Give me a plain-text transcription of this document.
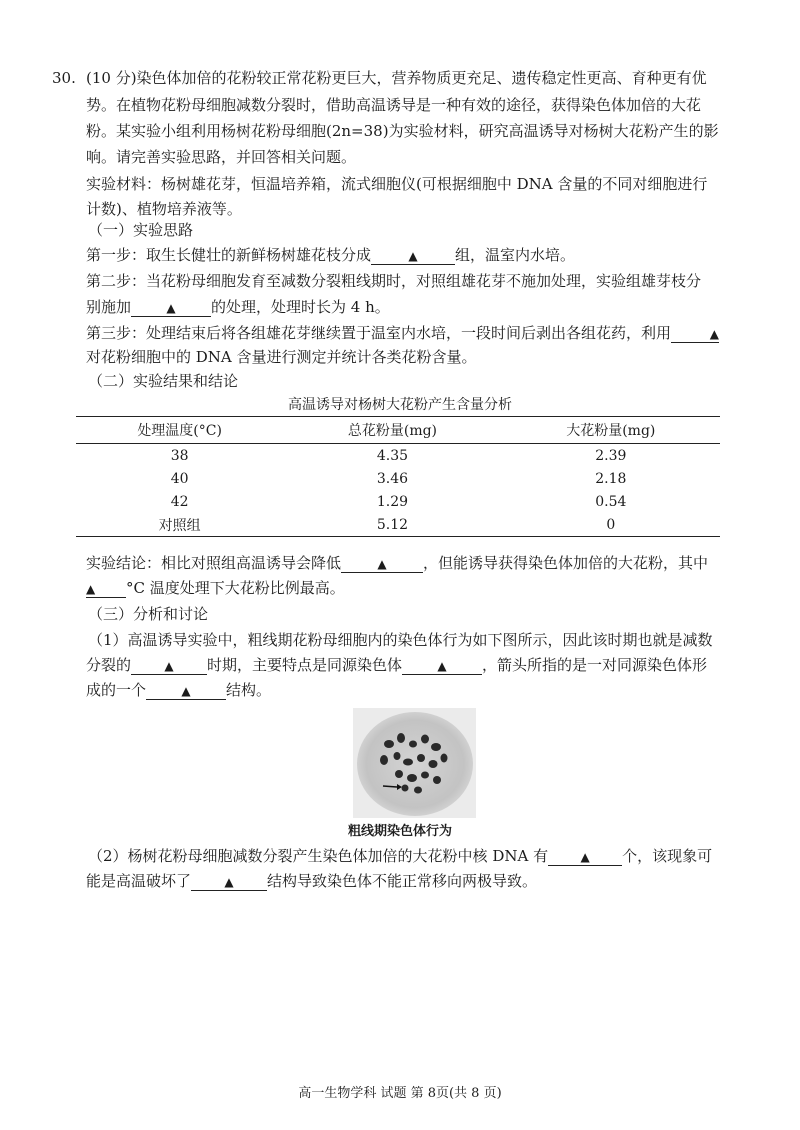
30. (10 分)染色体加倍的花粉较正常花粉更巨大，营养物质更充足、遗传稳定性更高、育种更有优
势。在植物花粉母细胞减数分裂时，借助高温诱导是一种有效的途径，获得染色体加倍的大花
粉。某实验小组利用杨树花粉母细胞(2n=38)为实验材料，研究高温诱导对杨树大花粉产生的影
响。请完善实验思路，并回答相关问题。
实验材料：杨树雄花芽，恒温培养箱，流式细胞仪(可根据细胞中 DNA 含量的不同对细胞进行
计数)、植物培养液等。
（一）实验思路
第一步：取生长健壮的新鲜杨树雄花枝分成	▲ 组，温室内水培。
第二步：当花粉母细胞发育至减数分裂粗线期时，对照组雄花芽不施加处理，实验组雄芽枝分
别施加	▲ 的处理，处理时长为 4 h。
第三步：处理结束后将各组雄花芽继续置于温室内水培，一段时间后剥出各组花药，利用	▲
对花粉细胞中的 DNA 含量进行测定并统计各类花粉含量。
（二）实验结果和结论
高温诱导对杨树大花粉产生含量分析
处理温度(°C)	总花粉量(mg)	大花粉量(mg)
38	4.35	2.39
40	3.46	2.18
42	1.29	0.54
对照组	5.12	0
实验结论：相比对照组高温诱导会降低	▲ ，但能诱导获得染色体加倍的大花粉，其中
▲ °C 温度处理下大花粉比例最高。
（三）分析和讨论
（1）高温诱导实验中，粗线期花粉母细胞内的染色体行为如下图所示，因此该时期也就是减数
分裂的	▲ 时期，主要特点是同源染色体	▲ ，箭头所指的是一对同源染色体形
成的一个	▲ 结构。
粗线期染色体行为
（2）杨树花粉母细胞减数分裂产生染色体加倍的大花粉中核 DNA 有	▲ 个，该现象可
能是高温破坏了	▲ 结构导致染色体不能正常移向两极导致。
高一生物学科 试题 第 8页(共 8 页)
